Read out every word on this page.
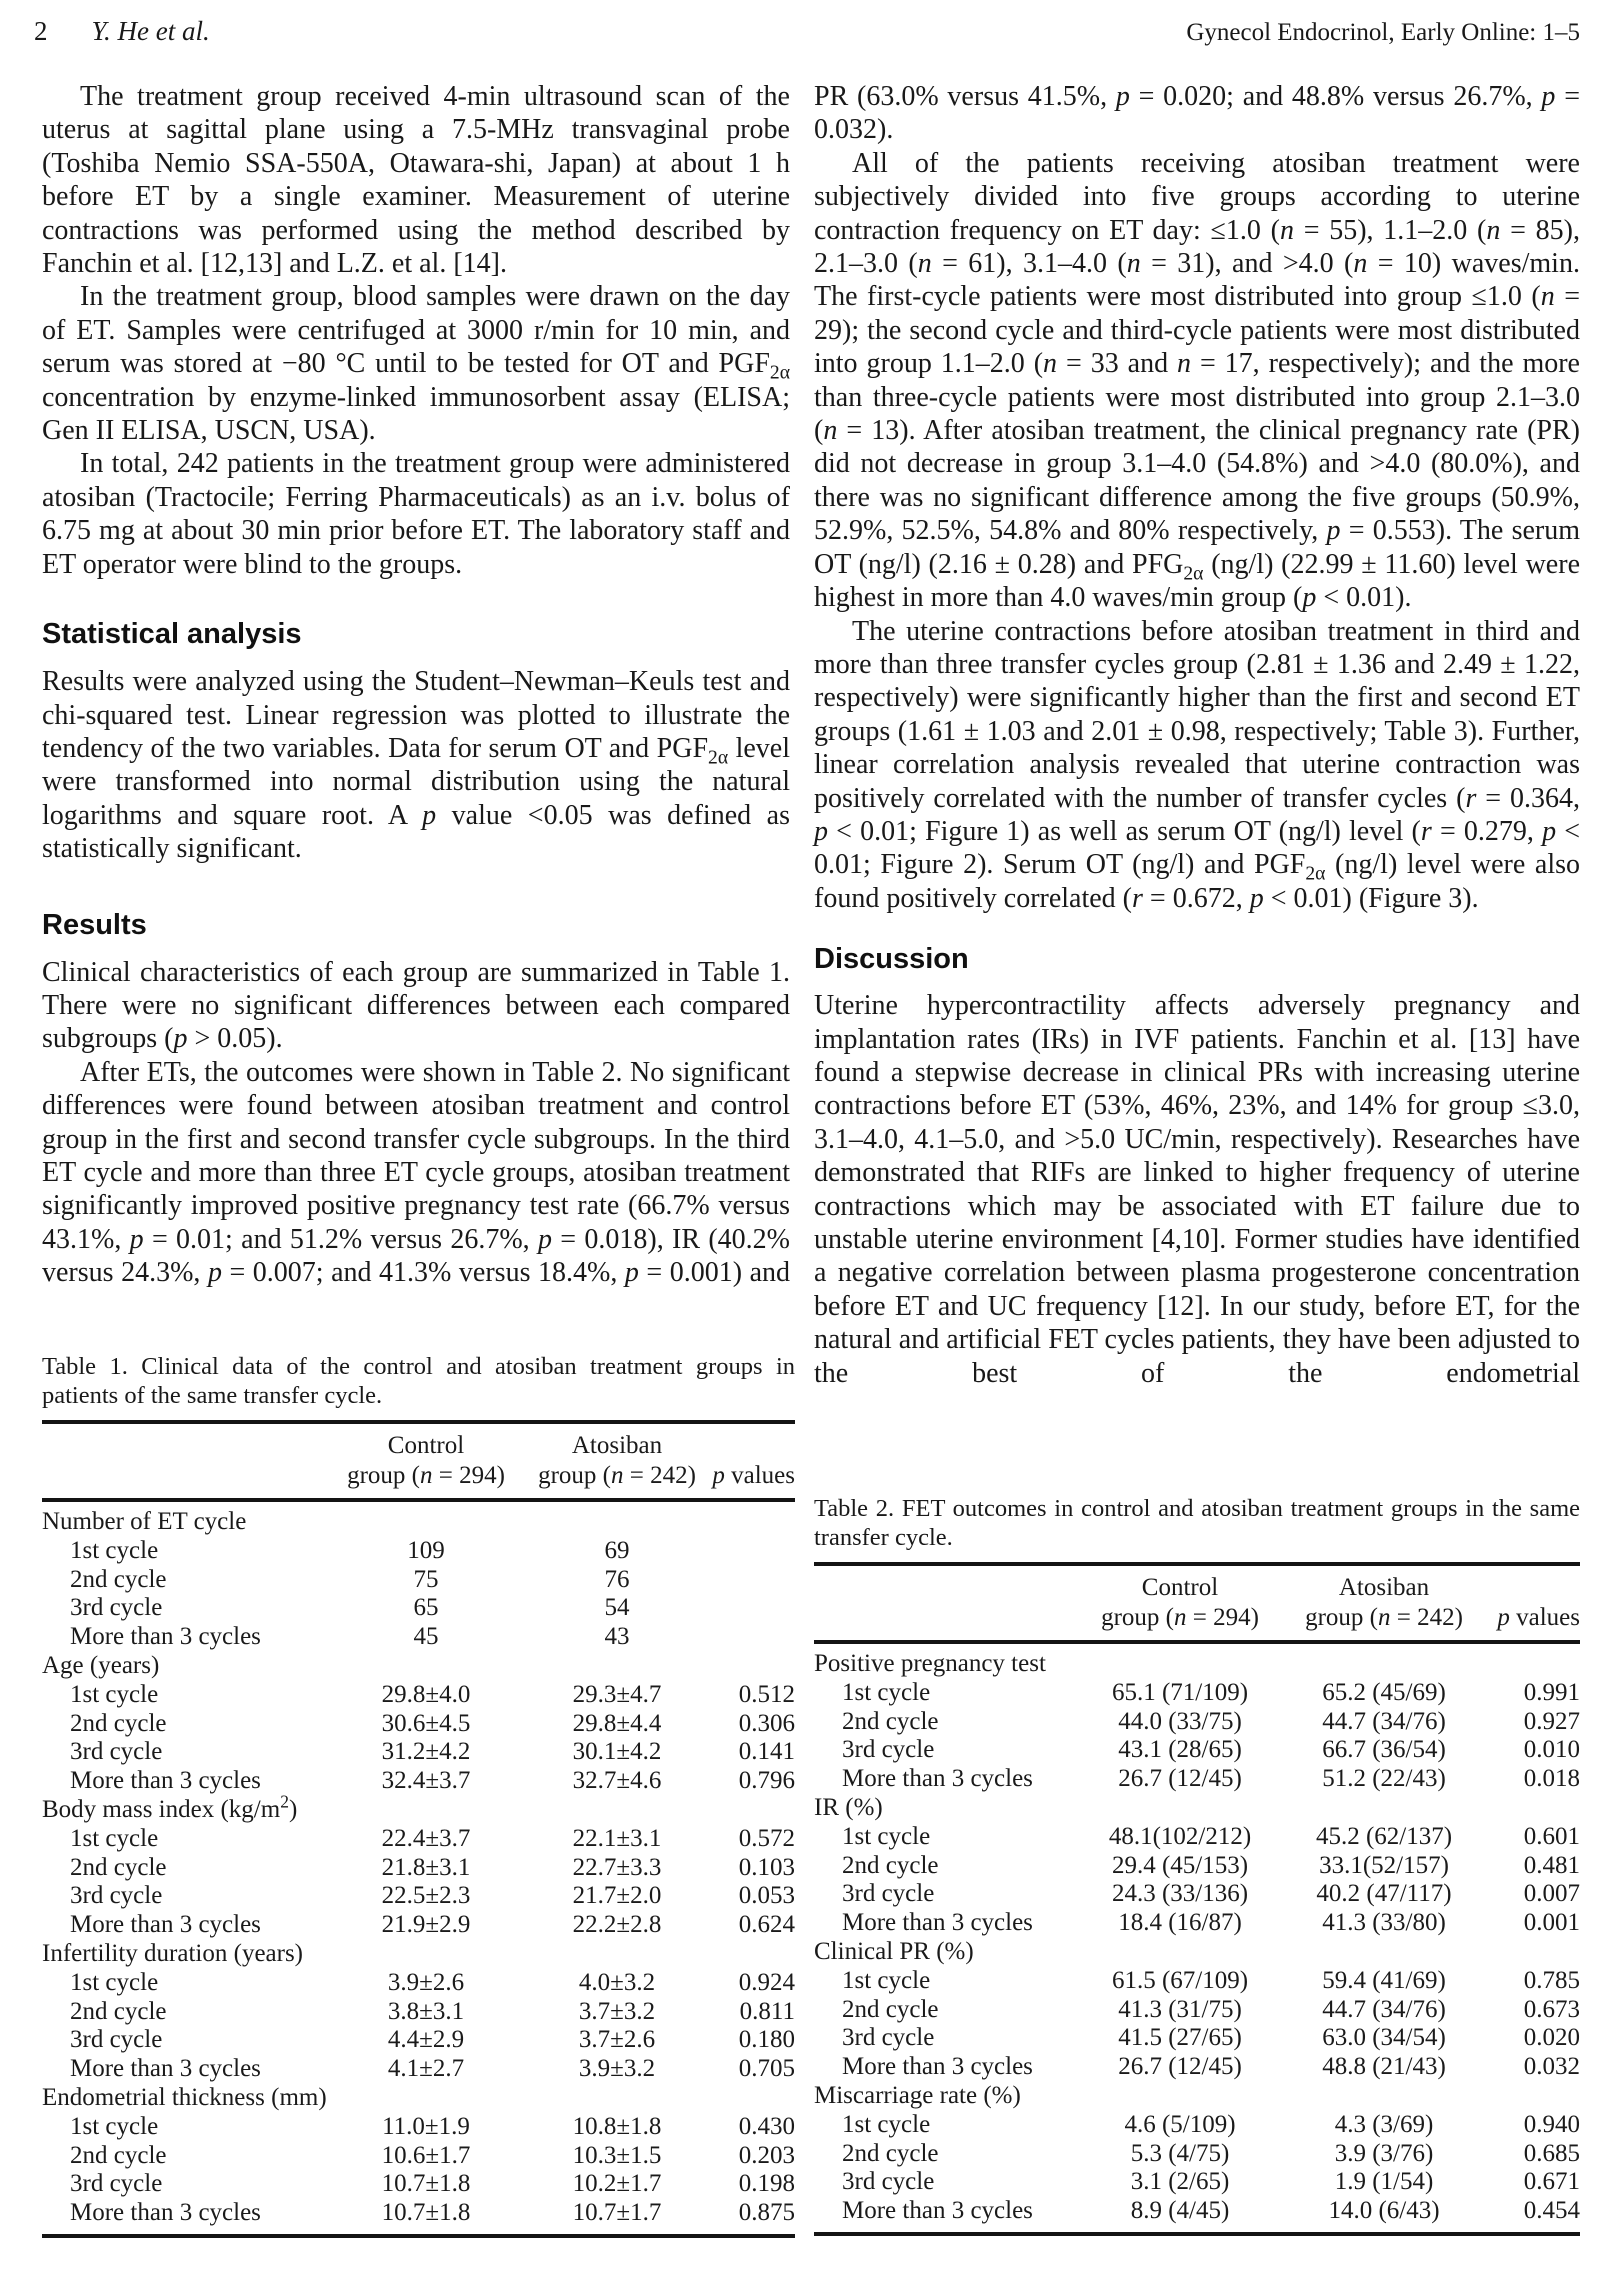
2 Y. He et al.	Gynecol Endocrinol, Early Online: 1–5

The treatment group received 4-min ultrasound scan of the uterus at sagittal plane using a 7.5-MHz transvaginal probe (Toshiba Nemio SSA-550A, Otawara-shi, Japan) at about 1 h before ET by a single examiner. Measurement of uterine contractions was performed using the method described by Fanchin et al. [12,13] and L.Z. et al. [14].

In the treatment group, blood samples were drawn on the day of ET. Samples were centrifuged at 3000 r/min for 10 min, and serum was stored at −80 °C until to be tested for OT and $PGF_{2\alpha}$ concentration by enzyme-linked immunosorbent assay (ELISA; Gen II ELISA, USCN, USA).

In total, 242 patients in the treatment group were administered atosiban (Tractocile; Ferring Pharmaceuticals) as an i.v. bolus of 6.75 mg at about 30 min prior before ET. The laboratory staff and ET operator were blind to the groups.

Statistical analysis

Results were analyzed using the Student–Newman–Keuls test and chi-squared test. Linear regression was plotted to illustrate the tendency of the two variables. Data for serum OT and $PGF_{2\alpha}$ level were transformed into normal distribution using the natural logarithms and square root. A p value <0.05 was defined as statistically significant.

Results

Clinical characteristics of each group are summarized in Table 1. There were no significant differences between each compared subgroups (p > 0.05).

After ETs, the outcomes were shown in Table 2. No significant differences were found between atosiban treatment and control group in the first and second transfer cycle subgroups. In the third ET cycle and more than three ET cycle groups, atosiban treatment significantly improved positive pregnancy test rate (66.7% versus 43.1%, p = 0.01; and 51.2% versus 26.7%, p = 0.018), IR (40.2% versus 24.3%, p = 0.007; and 41.3% versus 18.4%, p = 0.001) and

PR (63.0% versus 41.5%, p = 0.020; and 48.8% versus 26.7%, p = 0.032).

All of the patients receiving atosiban treatment were subjectively divided into five groups according to uterine contraction frequency on ET day: ≤1.0 (n = 55), 1.1–2.0 (n = 85), 2.1–3.0 (n = 61), 3.1–4.0 (n = 31), and >4.0 (n = 10) waves/min. The first-cycle patients were most distributed into group ≤1.0 (n = 29); the second cycle and third-cycle patients were most distributed into group 1.1–2.0 (n = 33 and n = 17, respectively); and the more than three-cycle patients were most distributed into group 2.1–3.0 (n = 13). After atosiban treatment, the clinical pregnancy rate (PR) did not decrease in group 3.1–4.0 (54.8%) and >4.0 (80.0%), and there was no significant difference among the five groups (50.9%, 52.9%, 52.5%, 54.8% and 80% respectively, p = 0.553). The serum OT (ng/l) (2.16 ± 0.28) and $PFG_{2\alpha}$ (ng/l) (22.99 ± 11.60) level were highest in more than 4.0 waves/min group (p < 0.01).

The uterine contractions before atosiban treatment in third and more than three transfer cycles group (2.81 ± 1.36 and 2.49 ± 1.22, respectively) were significantly higher than the first and second ET groups (1.61 ± 1.03 and 2.01 ± 0.98, respectively; Table 3). Further, linear correlation analysis revealed that uterine contraction was positively correlated with the number of transfer cycles (r = 0.364, p < 0.01; Figure 1) as well as serum OT (ng/l) level (r = 0.279, p < 0.01; Figure 2). Serum OT (ng/l) and $PGF_{2\alpha}$ (ng/l) level were also found positively correlated (r = 0.672, p < 0.01) (Figure 3).

Discussion

Uterine hypercontractility affects adversely pregnancy and implantation rates (IRs) in IVF patients. Fanchin et al. [13] have found a stepwise decrease in clinical PRs with increasing uterine contractions before ET (53%, 46%, 23%, and 14% for group ≤3.0, 3.1–4.0, 4.1–5.0, and >5.0 UC/min, respectively). Researches have demonstrated that RIFs are linked to higher frequency of uterine contractions which may be associated with ET failure due to unstable uterine environment [4,10]. Former studies have identified a negative correlation between plasma progesterone concentration before ET and UC frequency [12]. In our study, before ET, for the natural and artificial FET cycles patients, they have been adjusted to the best of the endometrial

Table 1. Clinical data of the control and atosiban treatment groups in patients of the same transfer cycle.

	Control	Atosiban	
	group (n = 294)	group (n = 242)	p values
Number of ET cycle			
1st cycle	109	69	
2nd cycle	75	76	
3rd cycle	65	54	
More than 3 cycles	45	43	
Age (years)			
1st cycle	29.8±4.0	29.3±4.7	0.512
2nd cycle	30.6±4.5	29.8±4.4	0.306
3rd cycle	31.2±4.2	30.1±4.2	0.141
More than 3 cycles	32.4±3.7	32.7±4.6	0.796
Body mass index $(kg/m^2)$			
1st cycle	22.4±3.7	22.1±3.1	0.572
2nd cycle	21.8±3.1	22.7±3.3	0.103
3rd cycle	22.5±2.3	21.7±2.0	0.053
More than 3 cycles	21.9±2.9	22.2±2.8	0.624
Infertility duration (years)			
1st cycle	3.9±2.6	4.0±3.2	0.924
2nd cycle	3.8±3.1	3.7±3.2	0.811
3rd cycle	4.4±2.9	3.7±2.6	0.180
More than 3 cycles	4.1±2.7	3.9±3.2	0.705
Endometrial thickness (mm)			
1st cycle	11.0±1.9	10.8±1.8	0.430
2nd cycle	10.6±1.7	10.3±1.5	0.203
3rd cycle	10.7±1.8	10.2±1.7	0.198
More than 3 cycles	10.7±1.8	10.7±1.7	0.875

Table 2. FET outcomes in control and atosiban treatment groups in the same transfer cycle.

	Control	Atosiban	
	group (n = 294)	group (n = 242)	p values
Positive pregnancy test			
1st cycle	65.1 (71/109)	65.2 (45/69)	0.991
2nd cycle	44.0 (33/75)	44.7 (34/76)	0.927
3rd cycle	43.1 (28/65)	66.7 (36/54)	0.010
More than 3 cycles	26.7 (12/45)	51.2 (22/43)	0.018
IR (%)			
1st cycle	48.1(102/212)	45.2 (62/137)	0.601
2nd cycle	29.4 (45/153)	33.1(52/157)	0.481
3rd cycle	24.3 (33/136)	40.2 (47/117)	0.007
More than 3 cycles	18.4 (16/87)	41.3 (33/80)	0.001
Clinical PR (%)			
1st cycle	61.5 (67/109)	59.4 (41/69)	0.785
2nd cycle	41.3 (31/75)	44.7 (34/76)	0.673
3rd cycle	41.5 (27/65)	63.0 (34/54)	0.020
More than 3 cycles	26.7 (12/45)	48.8 (21/43)	0.032
Miscarriage rate (%)			
1st cycle	4.6 (5/109)	4.3 (3/69)	0.940
2nd cycle	5.3 (4/75)	3.9 (3/76)	0.685
3rd cycle	3.1 (2/65)	1.9 (1/54)	0.671
More than 3 cycles	8.9 (4/45)	14.0 (6/43)	0.454
